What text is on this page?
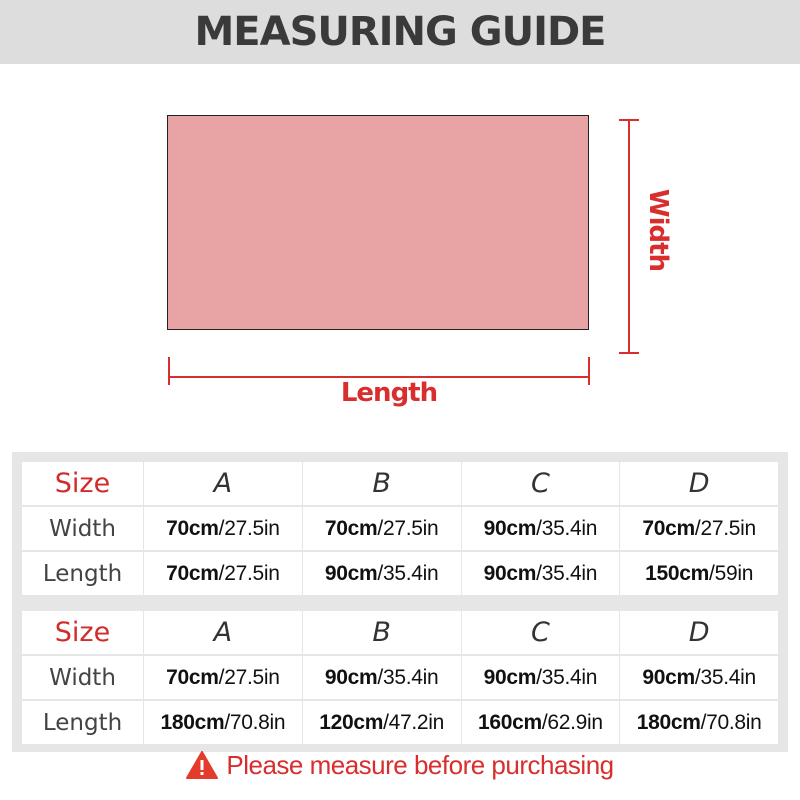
MEASURING GUIDE
Width
Length
Size	A	B	C	D
Width	70cm/27.5in	70cm/27.5in	90cm/35.4in	70cm/27.5in
Length	70cm/27.5in	90cm/35.4in	90cm/35.4in	150cm/59in
Size	A	B	C	D
Width	70cm/27.5in	90cm/35.4in	90cm/35.4in	90cm/35.4in
Length	180cm/70.8in	120cm/47.2in	160cm/62.9in	180cm/70.8in
Please measure before purchasing
